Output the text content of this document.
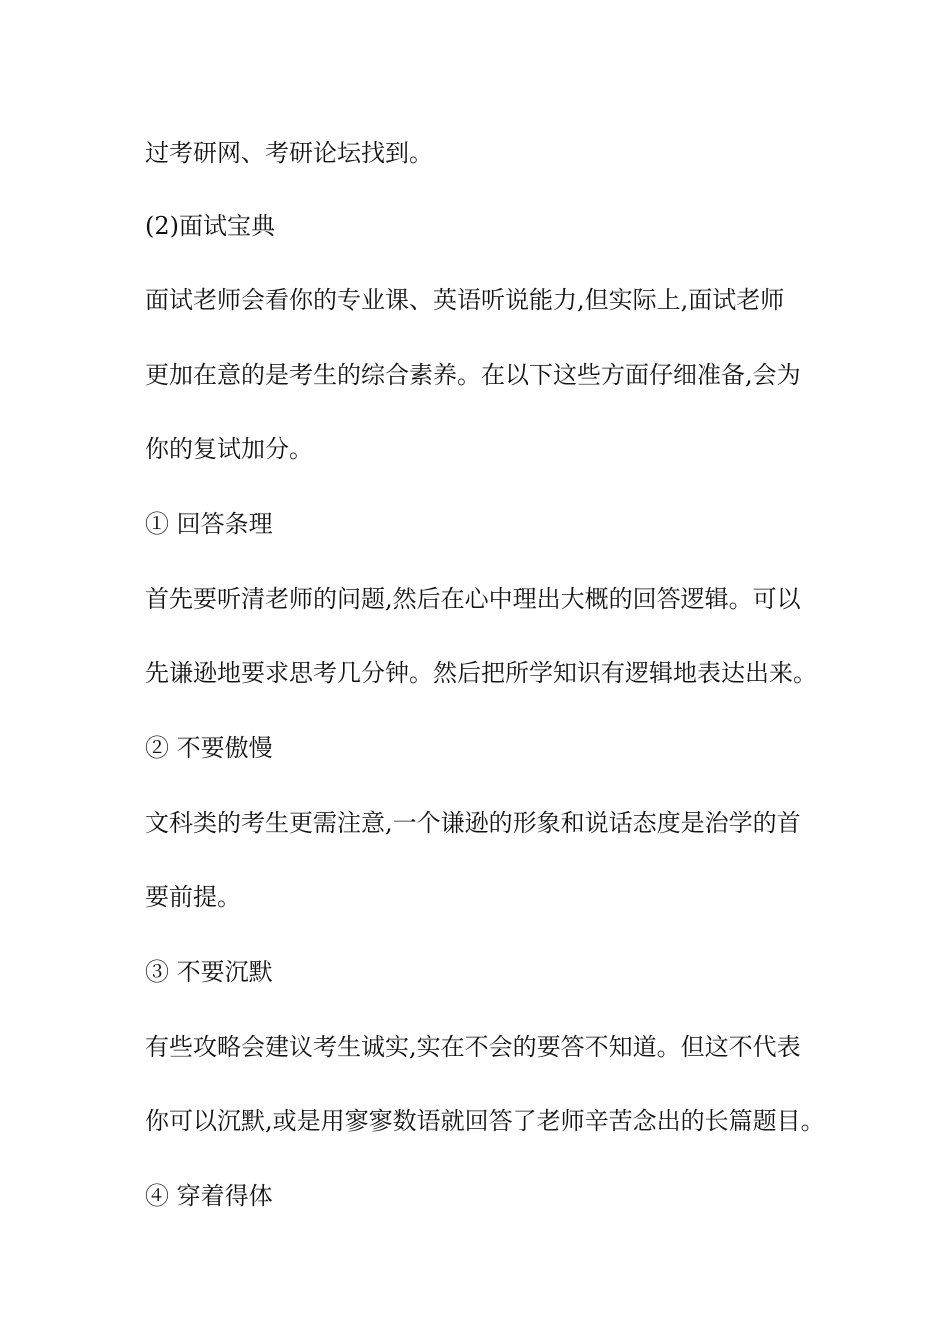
过考研网、考研论坛找到。
(2)面试宝典
面试老师会看你的专业课、英语听说能力,但实际上,面试老师
更加在意的是考生的综合素养。在以下这些方面仔细准备,会为
你的复试加分。
① 回答条理
首先要听清老师的问题,然后在心中理出大概的回答逻辑。可以
先谦逊地要求思考几分钟。然后把所学知识有逻辑地表达出来。
② 不要傲慢
文科类的考生更需注意,一个谦逊的形象和说话态度是治学的首
要前提。
③ 不要沉默
有些攻略会建议考生诚实,实在不会的要答不知道。但这不代表
你可以沉默,或是用寥寥数语就回答了老师辛苦念出的长篇题目。
④ 穿着得体
